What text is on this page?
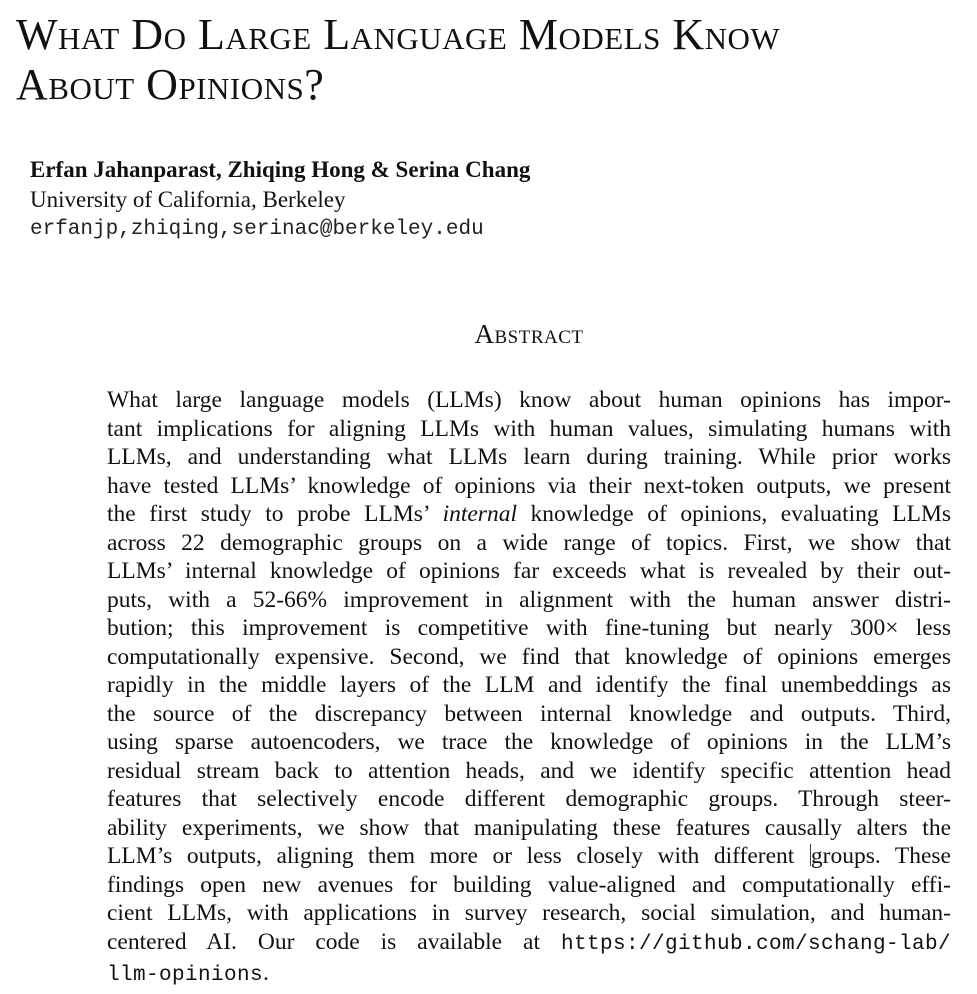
What Do Large Language Models Know
About Opinions?
Erfan Jahanparast, Zhiqing Hong & Serina Chang
University of California, Berkeley
erfanjp,zhiqing,serinac@berkeley.edu
Abstract
What large language models (LLMs) know about human opinions has impor-
tant implications for aligning LLMs with human values, simulating humans with
LLMs, and understanding what LLMs learn during training. While prior works
have tested LLMs’ knowledge of opinions via their next-token outputs, we present
the first study to probe LLMs’ internal knowledge of opinions, evaluating LLMs
across 22 demographic groups on a wide range of topics. First, we show that
LLMs’ internal knowledge of opinions far exceeds what is revealed by their out-
puts, with a 52-66% improvement in alignment with the human answer distri-
bution; this improvement is competitive with fine-tuning but nearly 300× less
computationally expensive. Second, we find that knowledge of opinions emerges
rapidly in the middle layers of the LLM and identify the final unembeddings as
the source of the discrepancy between internal knowledge and outputs. Third,
using sparse autoencoders, we trace the knowledge of opinions in the LLM’s
residual stream back to attention heads, and we identify specific attention head
features that selectively encode different demographic groups. Through steer-
ability experiments, we show that manipulating these features causally alters the
LLM’s outputs, aligning them more or less closely with different groups. These
findings open new avenues for building value-aligned and computationally effi-
cient LLMs, with applications in survey research, social simulation, and human-
centered AI. Our code is available at https://github.com/schang-lab/
llm-opinions.
